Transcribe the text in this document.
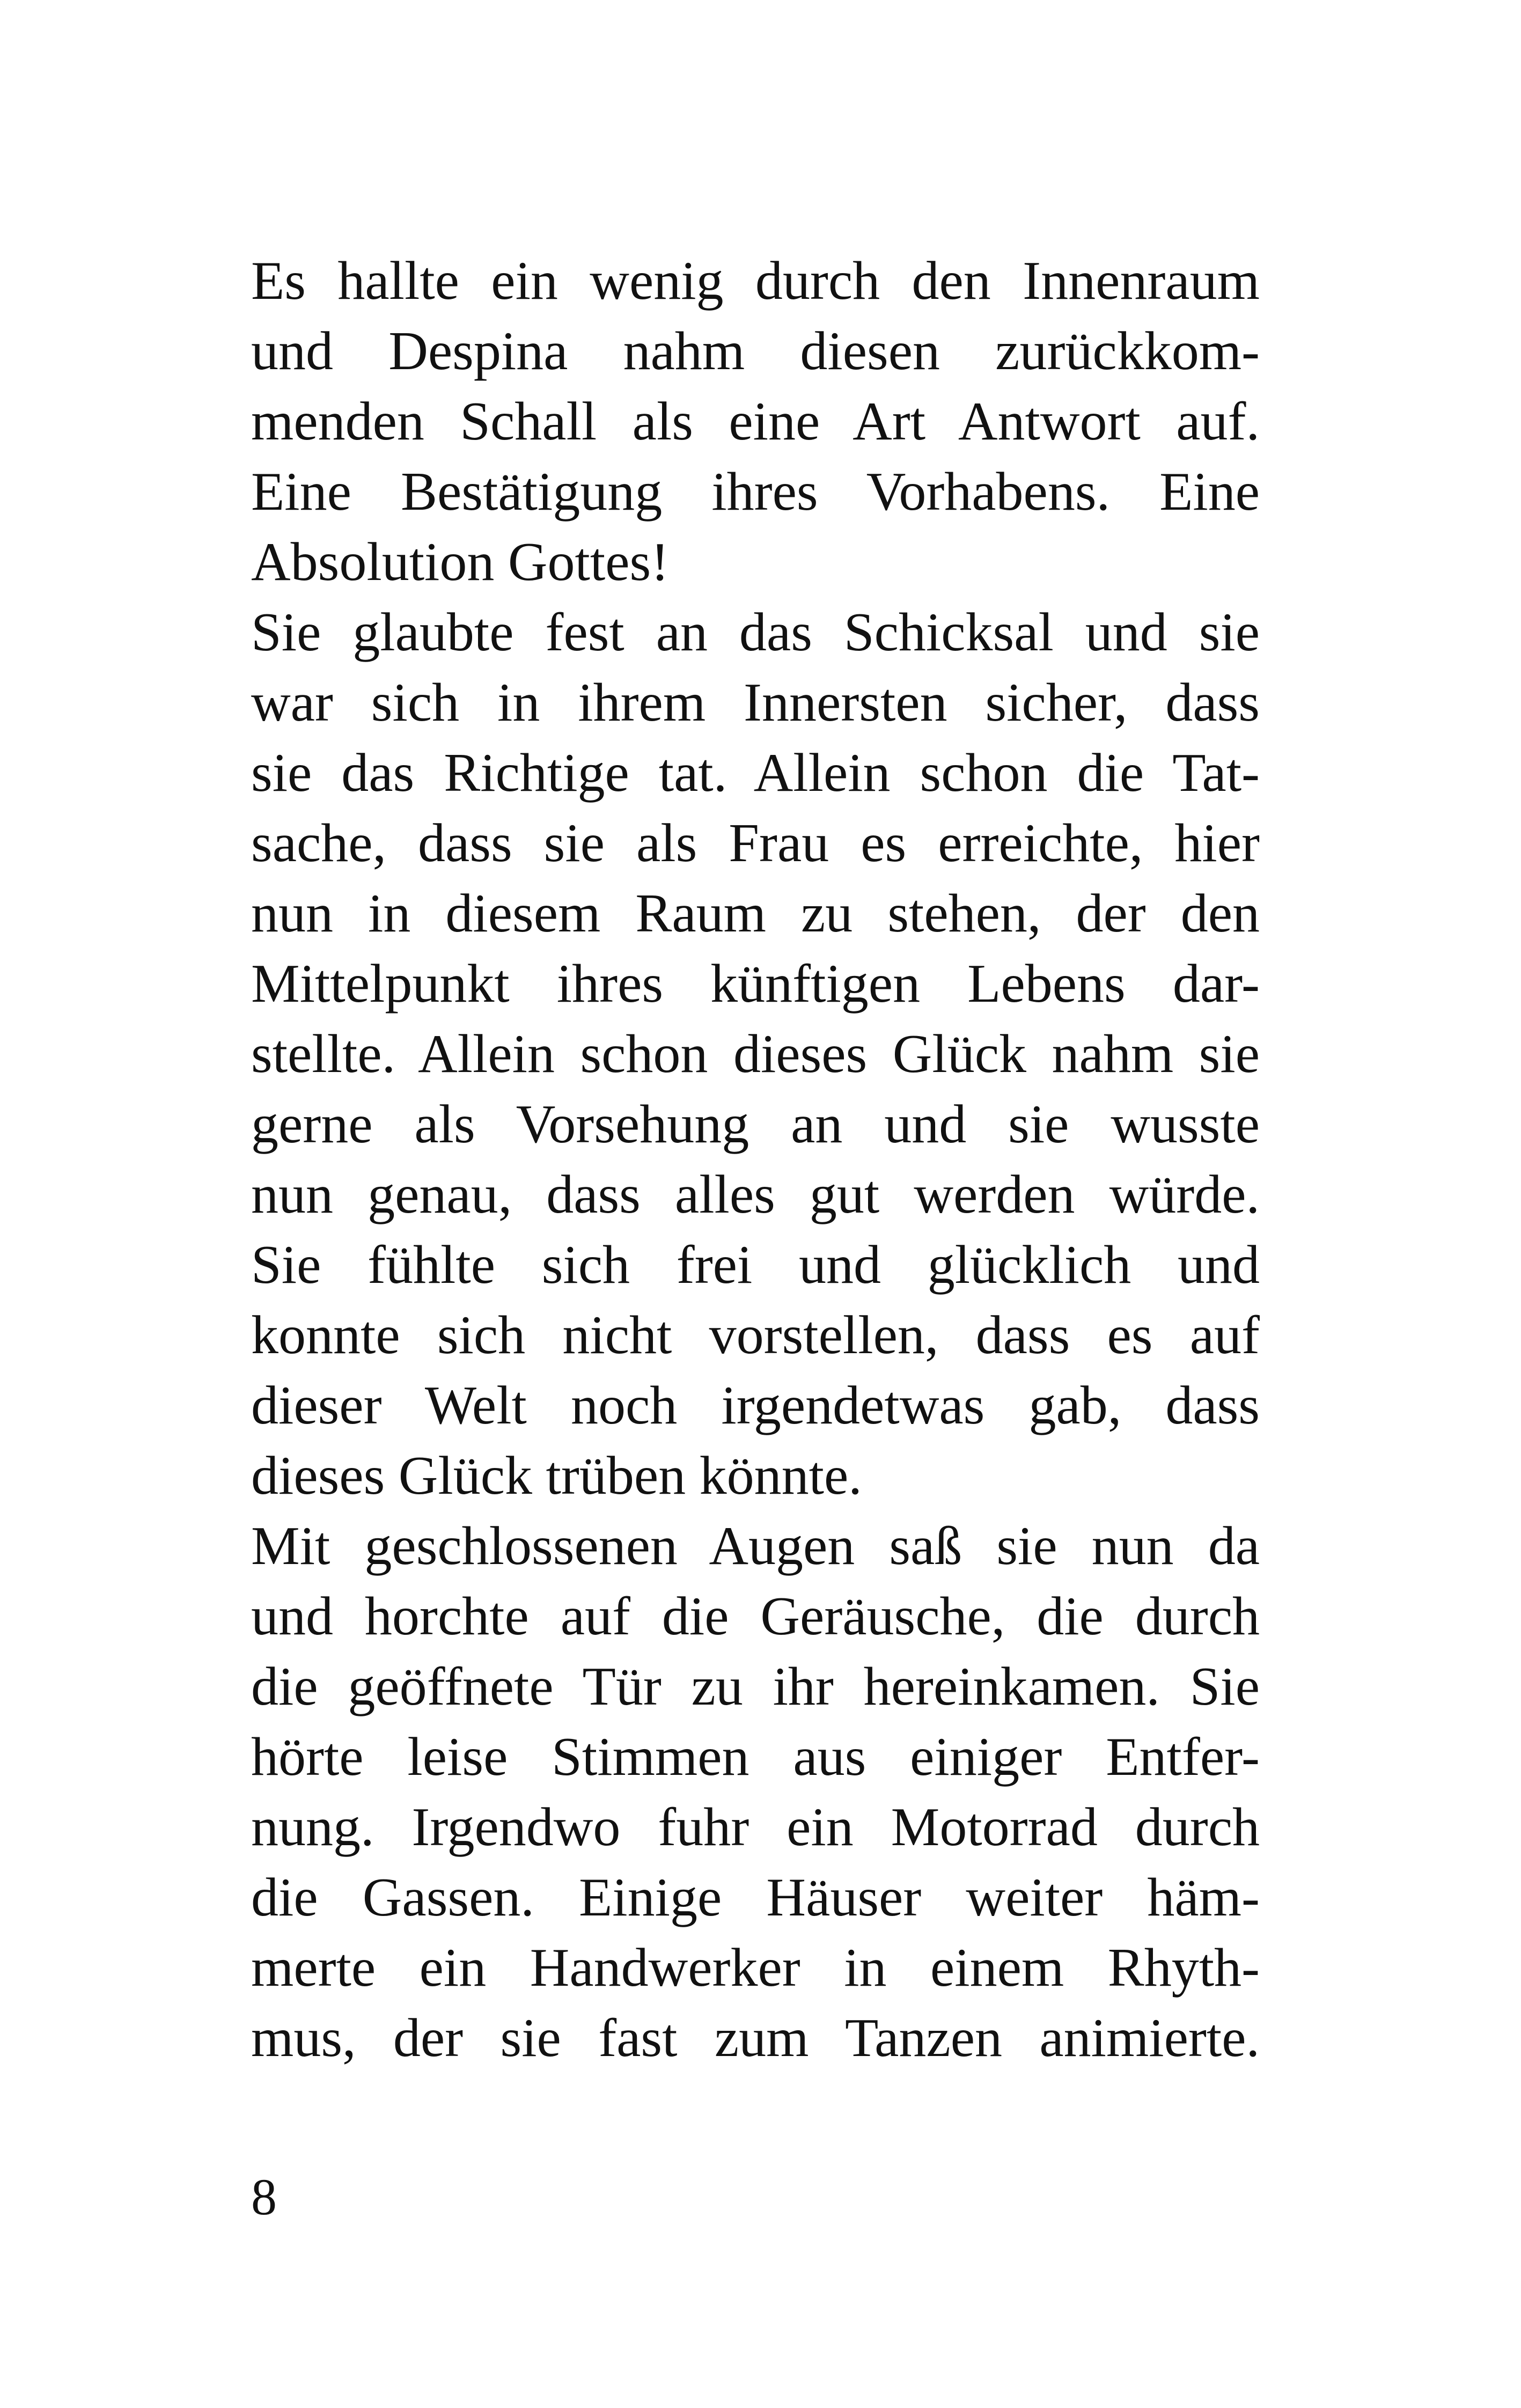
Es hallte ein wenig durch den Innenraum
und Despina nahm diesen zurückkom-
menden Schall als eine Art Antwort auf.
Eine Bestätigung ihres Vorhabens. Eine
Absolution Gottes!
Sie glaubte fest an das Schicksal und sie
war sich in ihrem Innersten sicher, dass
sie das Richtige tat. Allein schon die Tat-
sache, dass sie als Frau es erreichte, hier
nun in diesem Raum zu stehen, der den
Mittelpunkt ihres künftigen Lebens dar-
stellte. Allein schon dieses Glück nahm sie
gerne als Vorsehung an und sie wusste
nun genau, dass alles gut werden würde.
Sie fühlte sich frei und glücklich und
konnte sich nicht vorstellen, dass es auf
dieser Welt noch irgendetwas gab, dass
dieses Glück trüben könnte.
Mit geschlossenen Augen saß sie nun da
und horchte auf die Geräusche, die durch
die geöffnete Tür zu ihr hereinkamen. Sie
hörte leise Stimmen aus einiger Entfer-
nung. Irgendwo fuhr ein Motorrad durch
die Gassen. Einige Häuser weiter häm-
merte ein Handwerker in einem Rhyth-
mus, der sie fast zum Tanzen animierte.
8
